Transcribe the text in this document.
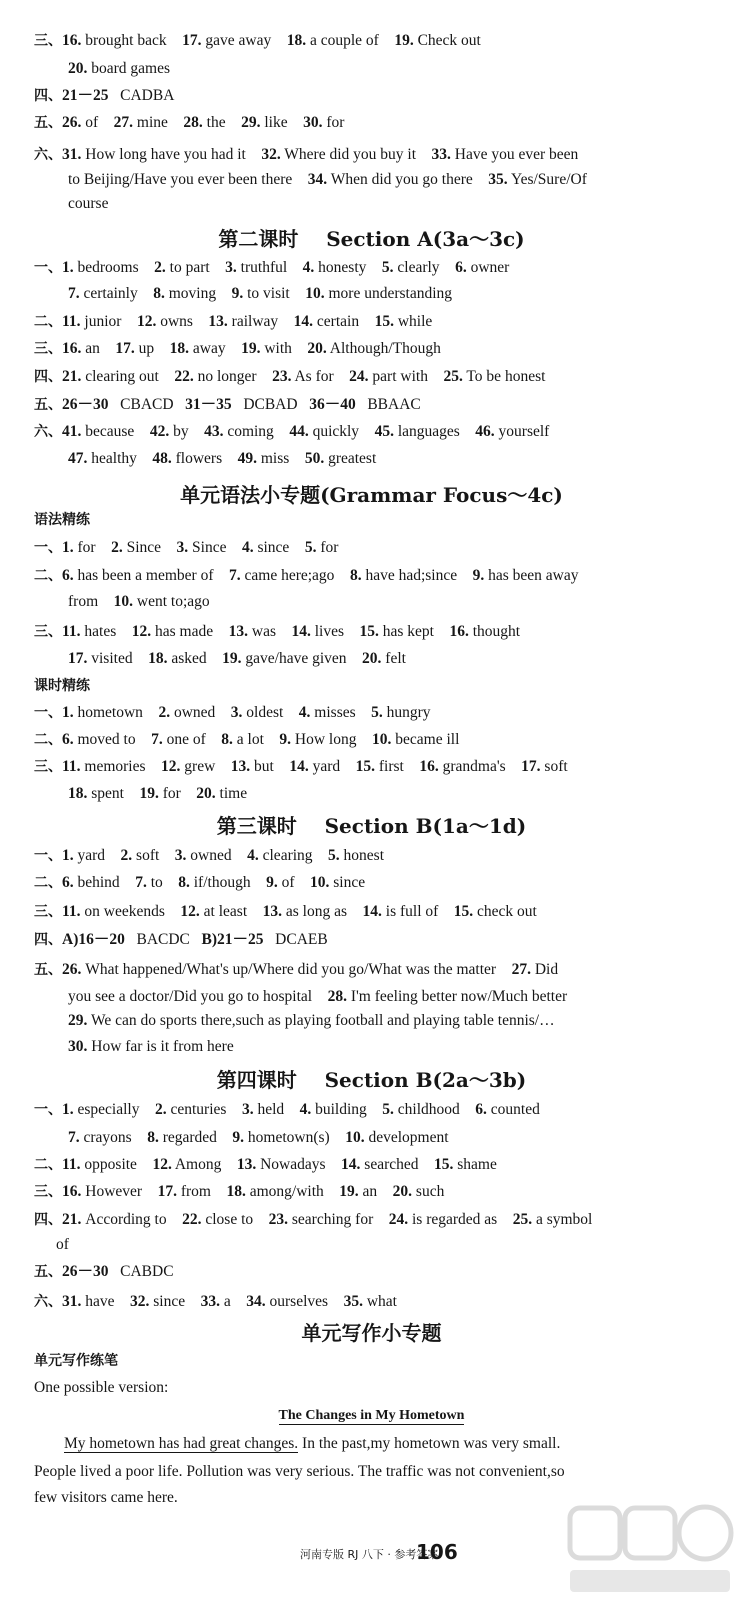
三、16. brought back    17. gave away    18. a couple of    19. Check out
20. board games
四、21－25   CADBA
五、26. of    27. mine    28. the    29. like    30. for
六、31. How long have you had it    32. Where did you buy it    33. Have you ever been
to Beijing/Have you ever been there    34. When did you go there    35. Yes/Sure/Of
course
一、1. bedrooms    2. to part    3. truthful    4. honesty    5. clearly    6. owner
7. certainly    8. moving    9. to visit    10. more understanding
二、11. junior    12. owns    13. railway    14. certain    15. while
三、16. an    17. up    18. away    19. with    20. Although/Though
四、21. clearing out    22. no longer    23. As for    24. part with    25. To be honest
五、26－30   CBACD   31－35   DCBAD   36－40   BBAAC
六、41. because    42. by    43. coming    44. quickly    45. languages    46. yourself
47. healthy    48. flowers    49. miss    50. greatest
一、1. for    2. Since    3. Since    4. since    5. for
二、6. has been a member of    7. came here;ago    8. have had;since    9. has been away
from    10. went to;ago
三、11. hates    12. has made    13. was    14. lives    15. has kept    16. thought
17. visited    18. asked    19. gave/have given    20. felt
一、1. hometown    2. owned    3. oldest    4. misses    5. hungry
二、6. moved to    7. one of    8. a lot    9. How long    10. became ill
三、11. memories    12. grew    13. but    14. yard    15. first    16. grandma's    17. soft
18. spent    19. for    20. time
一、1. yard    2. soft    3. owned    4. clearing    5. honest
二、6. behind    7. to    8. if/though    9. of    10. since
三、11. on weekends    12. at least    13. as long as    14. is full of    15. check out
四、A)16－20   BACDC   B)21－25   DCAEB
五、26. What happened/What's up/Where did you go/What was the matter    27. Did
you see a doctor/Did you go to hospital    28. I'm feeling better now/Much better
29. We can do sports there,such as playing football and playing table tennis/…
30. How far is it from here
一、1. especially    2. centuries    3. held    4. building    5. childhood    6. counted
7. crayons    8. regarded    9. hometown(s)    10. development
二、11. opposite    12. Among    13. Nowadays    14. searched    15. shame
三、16. However    17. from    18. among/with    19. an    20. such
四、21. According to    22. close to    23. searching for    24. is regarded as    25. a symbol
of
五、26－30   CABDC
六、31. have    32. since    33. a    34. ourselves    35. what
第二课时    Section A(3a～3c)
单元语法小专题(Grammar Focus～4c)
第三课时    Section B(1a～1d)
第四课时    Section B(2a～3b)
单元写作小专题
语法精练
课时精练
单元写作练笔
One possible version:
The Changes in My Hometown
My hometown has had great changes. In the past,my hometown was very small.
People lived a poor life. Pollution was very serious. The traffic was not convenient,so
few visitors came here.
河南专版 RJ 八下 · 参考答案
106
